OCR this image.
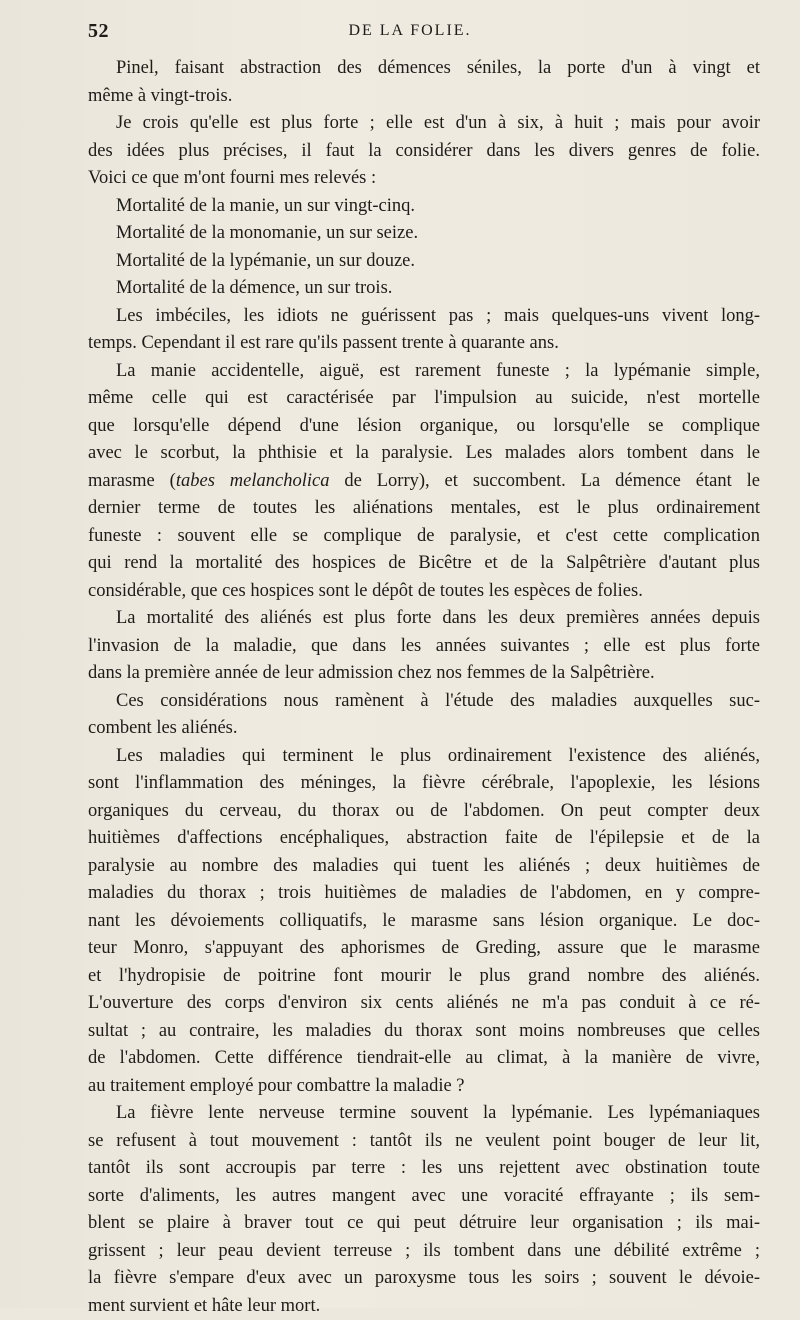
52	DE LA FOLIE.
Pinel, faisant abstraction des démences séniles, la porte d'un à vingt et
même à vingt-trois.
Je crois qu'elle est plus forte ; elle est d'un à six, à huit ; mais pour avoir
des idées plus précises, il faut la considérer dans les divers genres de folie.
Voici ce que m'ont fourni mes relevés :
Mortalité de la manie, un sur vingt-cinq.
Mortalité de la monomanie, un sur seize.
Mortalité de la lypémanie, un sur douze.
Mortalité de la démence, un sur trois.
Les imbéciles, les idiots ne guérissent pas ; mais quelques-uns vivent long-
temps. Cependant il est rare qu'ils passent trente à quarante ans.
La manie accidentelle, aiguë, est rarement funeste ; la lypémanie simple,
même celle qui est caractérisée par l'impulsion au suicide, n'est mortelle
que lorsqu'elle dépend d'une lésion organique, ou lorsqu'elle se complique
avec le scorbut, la phthisie et la paralysie. Les malades alors tombent dans le
marasme (tabes melancholica de Lorry), et succombent. La démence étant le
dernier terme de toutes les aliénations mentales, est le plus ordinairement
funeste : souvent elle se complique de paralysie, et c'est cette complication
qui rend la mortalité des hospices de Bicêtre et de la Salpêtrière d'autant plus
considérable, que ces hospices sont le dépôt de toutes les espèces de folies.
La mortalité des aliénés est plus forte dans les deux premières années depuis
l'invasion de la maladie, que dans les années suivantes ; elle est plus forte
dans la première année de leur admission chez nos femmes de la Salpêtrière.
Ces considérations nous ramènent à l'étude des maladies auxquelles suc-
combent les aliénés.
Les maladies qui terminent le plus ordinairement l'existence des aliénés,
sont l'inflammation des méninges, la fièvre cérébrale, l'apoplexie, les lésions
organiques du cerveau, du thorax ou de l'abdomen. On peut compter deux
huitièmes d'affections encéphaliques, abstraction faite de l'épilepsie et de la
paralysie au nombre des maladies qui tuent les aliénés ; deux huitièmes de
maladies du thorax ; trois huitièmes de maladies de l'abdomen, en y compre-
nant les dévoiements colliquatifs, le marasme sans lésion organique. Le doc-
teur Monro, s'appuyant des aphorismes de Greding, assure que le marasme
et l'hydropisie de poitrine font mourir le plus grand nombre des aliénés.
L'ouverture des corps d'environ six cents aliénés ne m'a pas conduit à ce ré-
sultat ; au contraire, les maladies du thorax sont moins nombreuses que celles
de l'abdomen. Cette différence tiendrait-elle au climat, à la manière de vivre,
au traitement employé pour combattre la maladie ?
La fièvre lente nerveuse termine souvent la lypémanie. Les lypémaniaques
se refusent à tout mouvement : tantôt ils ne veulent point bouger de leur lit,
tantôt ils sont accroupis par terre : les uns rejettent avec obstination toute
sorte d'aliments, les autres mangent avec une voracité effrayante ; ils sem-
blent se plaire à braver tout ce qui peut détruire leur organisation ; ils mai-
grissent ; leur peau devient terreuse ; ils tombent dans une débilité extrême ;
la fièvre s'empare d'eux avec un paroxysme tous les soirs ; souvent le dévoie-
ment survient et hâte leur mort.
